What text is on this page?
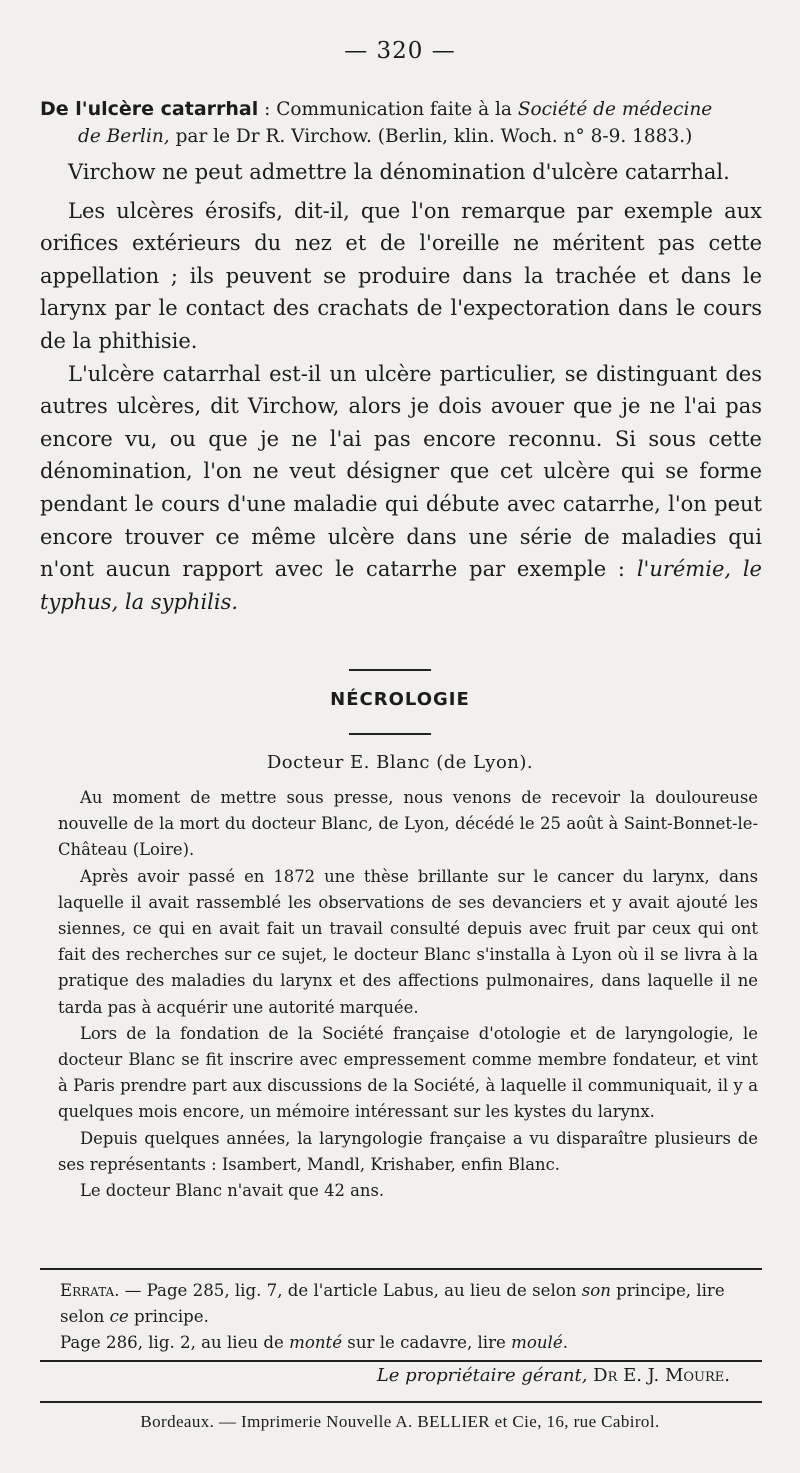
— 320 —
De l'ulcère catarrhal : Communication faite à la Société de médecine
de Berlin, par le Dr R. Virchow. (Berlin, klin. Woch. n° 8-9. 1883.)

Virchow ne peut admettre la dénomination d'ulcère catarrhal.

Les ulcères érosifs, dit-il, que l'on remarque par exemple aux orifices extérieurs du nez et de l'oreille ne méritent pas cette appellation ; ils peuvent se produire dans la trachée et dans le larynx par le contact des crachats de l'expectoration dans le cours de la phithisie.

L'ulcère catarrhal est-il un ulcère particulier, se distinguant des autres ulcères, dit Virchow, alors je dois avouer que je ne l'ai pas encore vu, ou que je ne l'ai pas encore reconnu. Si sous cette dénomination, l'on ne veut désigner que cet ulcère qui se forme pendant le cours d'une maladie qui débute avec catarrhe, l'on peut encore trouver ce même ulcère dans une série de maladies qui n'ont aucun rapport avec le catarrhe par exemple : l'urémie, le typhus, la syphilis.

NÉCROLOGIE
Docteur E. Blanc (de Lyon).

Au moment de mettre sous presse, nous venons de recevoir la douloureuse nouvelle de la mort du docteur Blanc, de Lyon, décédé le 25 août à Saint-Bonnet-le-Château (Loire).

Après avoir passé en 1872 une thèse brillante sur le cancer du larynx, dans laquelle il avait rassemblé les observations de ses devanciers et y avait ajouté les siennes, ce qui en avait fait un travail consulté depuis avec fruit par ceux qui ont fait des recherches sur ce sujet, le docteur Blanc s'installa à Lyon où il se livra à la pratique des maladies du larynx et des affections pulmonaires, dans laquelle il ne tarda pas à acquérir une autorité marquée.

Lors de la fondation de la Société française d'otologie et de laryngologie, le docteur Blanc se fit inscrire avec empressement comme membre fondateur, et vint à Paris prendre part aux discussions de la Société, à laquelle il communiquait, il y a quelques mois encore, un mémoire intéressant sur les kystes du larynx.

Depuis quelques années, la laryngologie française a vu disparaître plusieurs de ses représentants : Isambert, Mandl, Krishaber, enfin Blanc.

Le docteur Blanc n'avait que 42 ans.

Errata. — Page 285, lig. 7, de l'article Labus, au lieu de selon son principe, lire selon ce principe.

Page 286, lig. 2, au lieu de monté sur le cadavre, lire moulé.

Le propriétaire gérant, Dr E. J. Moure.
Bordeaux. — Imprimerie Nouvelle A. BELLIER et Cie, 16, rue Cabirol.
